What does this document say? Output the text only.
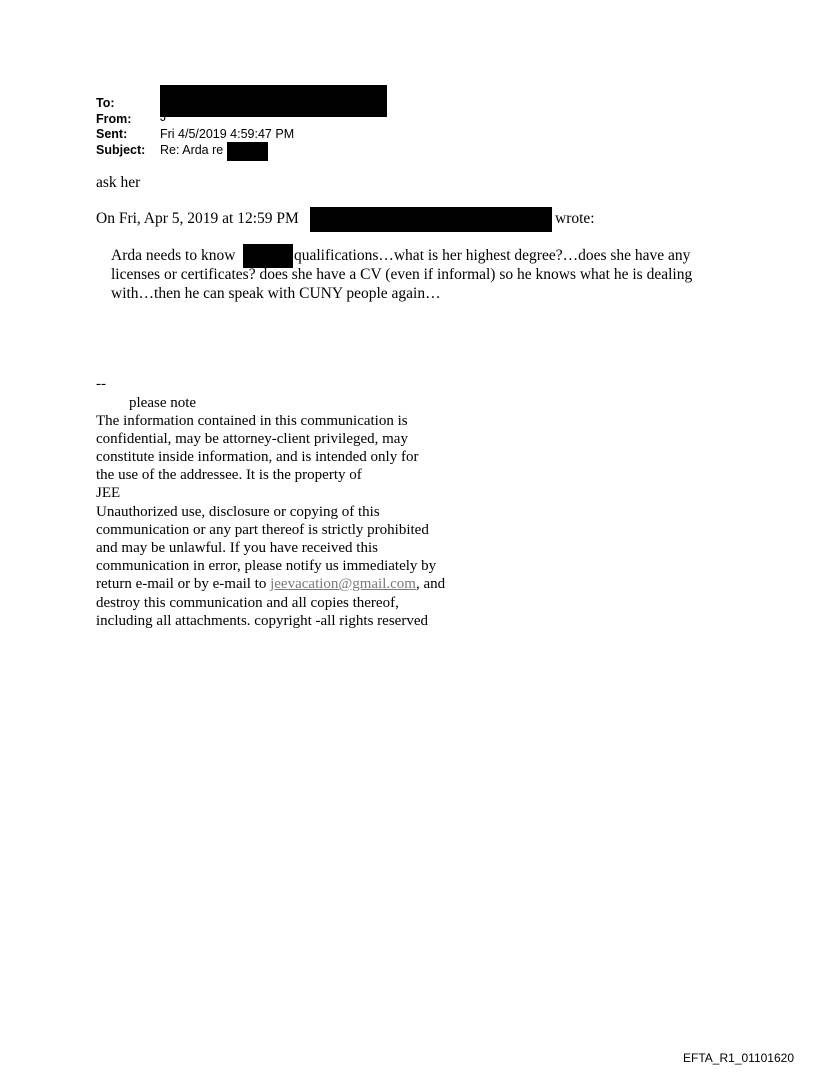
To:
From: J
Sent:	Fri 4/5/2019 4:59:47 PM
Subject: Re: Arda re
ask her
On Fri, Apr 5, 2019 at 12:59 PM	wrote:
Arda needs to know	qualifications…what is her highest degree?…does she have any
licenses or certificates? does she have a CV (even if informal) so he knows what he is dealing
with…then he can speak with CUNY people again…
--
please note
The information contained in this communication is
confidential, may be attorney-client privileged, may
constitute inside information, and is intended only for
the use of the addressee. It is the property of
JEE
Unauthorized use, disclosure or copying of this
communication or any part thereof is strictly prohibited
and may be unlawful. If you have received this
communication in error, please notify us immediately by
return e-mail or by e-mail to jeevacation@gmail.com, and
destroy this communication and all copies thereof,
including all attachments. copyright -all rights reserved
EFTA_R1_01101620
